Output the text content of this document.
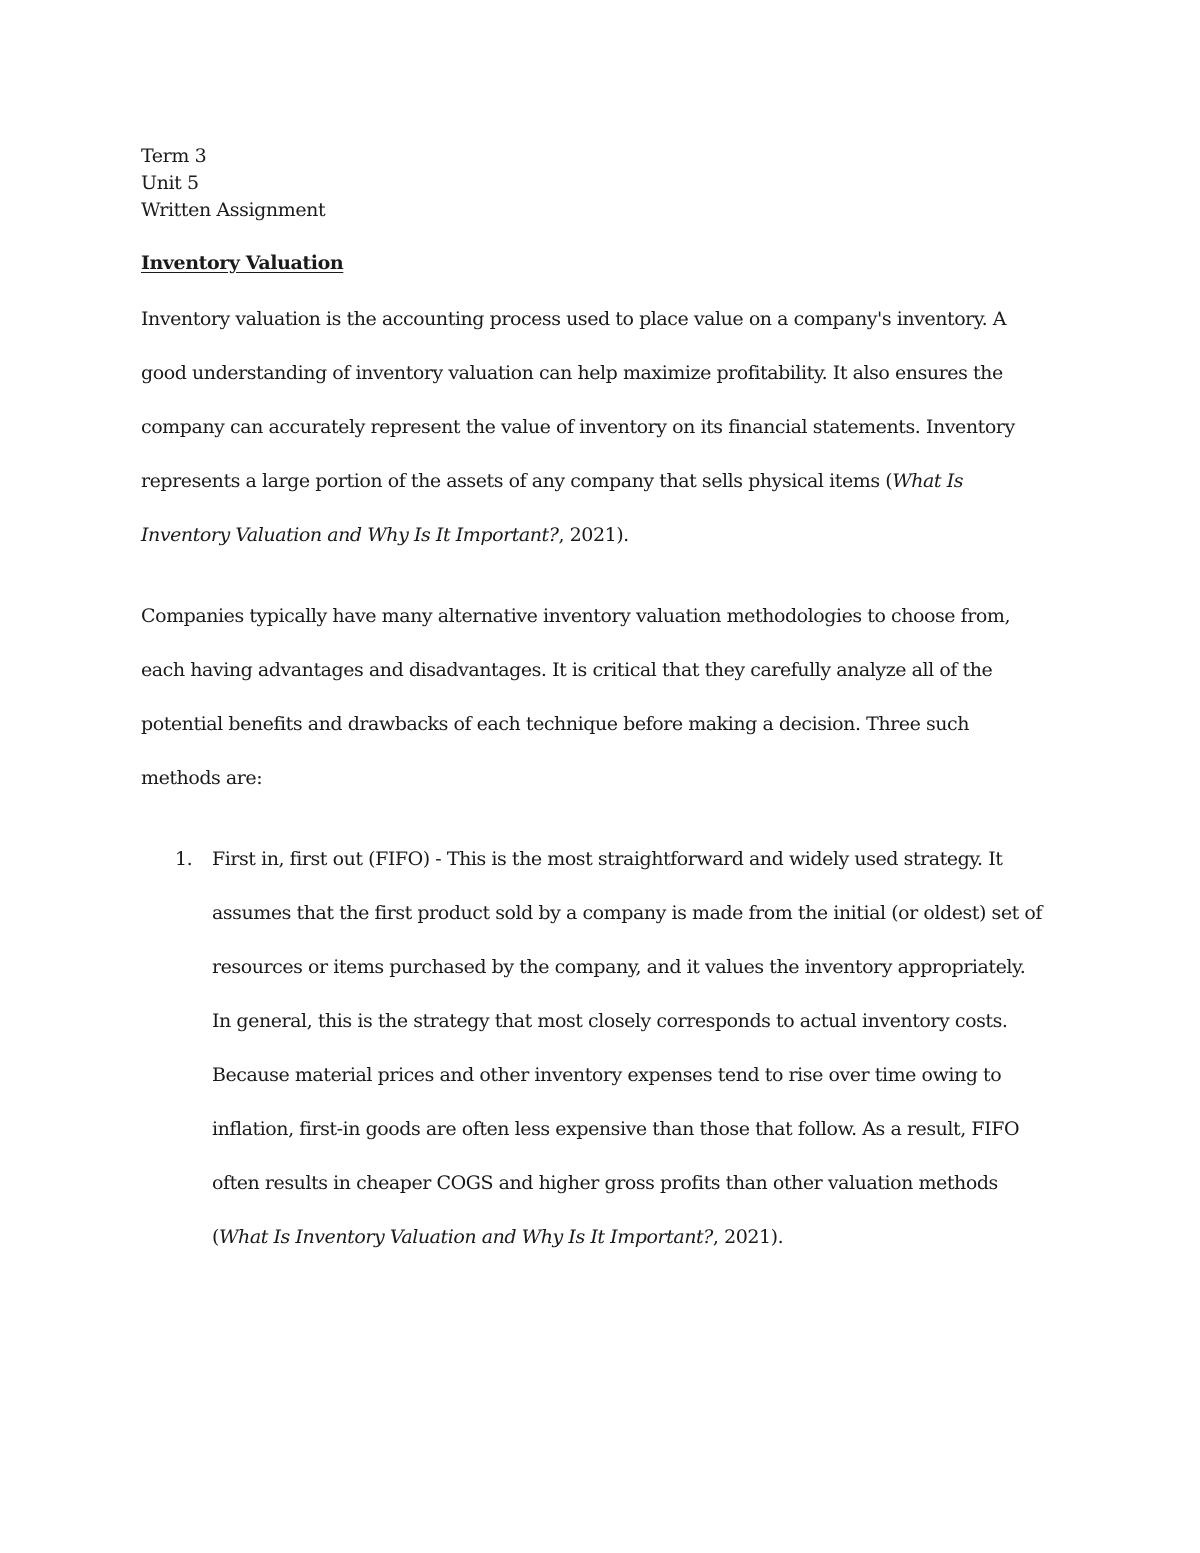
Term 3
Unit 5
Written Assignment
Inventory Valuation
Inventory valuation is the accounting process used to place value on a company's inventory. A
good understanding of inventory valuation can help maximize profitability. It also ensures the
company can accurately represent the value of inventory on its financial statements. Inventory
represents a large portion of the assets of any company that sells physical items (What Is
Inventory Valuation and Why Is It Important?, 2021).
Companies typically have many alternative inventory valuation methodologies to choose from,
each having advantages and disadvantages. It is critical that they carefully analyze all of the
potential benefits and drawbacks of each technique before making a decision. Three such
methods are:
1. First in, first out (FIFO) - This is the most straightforward and widely used strategy. It
assumes that the first product sold by a company is made from the initial (or oldest) set of
resources or items purchased by the company, and it values the inventory appropriately.
In general, this is the strategy that most closely corresponds to actual inventory costs.
Because material prices and other inventory expenses tend to rise over time owing to
inflation, first-in goods are often less expensive than those that follow. As a result, FIFO
often results in cheaper COGS and higher gross profits than other valuation methods
(What Is Inventory Valuation and Why Is It Important?, 2021).
